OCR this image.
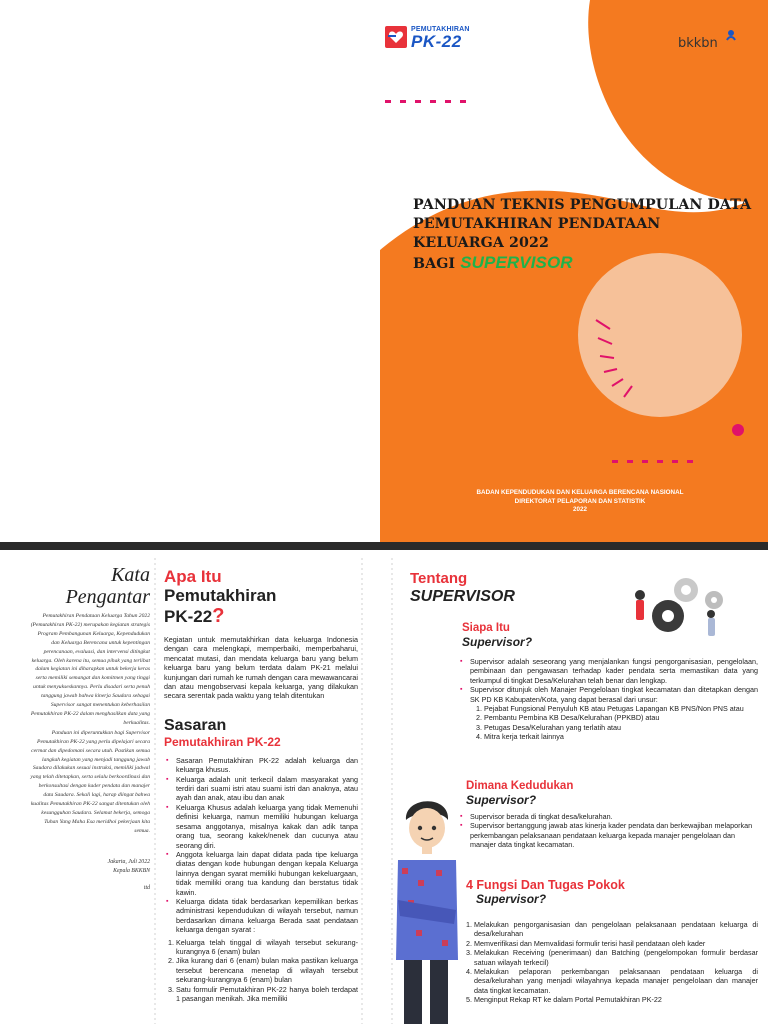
PEMUTAKHIRAN
PK-22	bkkbn
PANDUAN TEKNIS PENGUMPULAN DATA
PEMUTAKHIRAN PENDATAAN
KELUARGA 2022
BAGI SUPERVISOR
BADAN KEPENDUDUKAN DAN KELUARGA BERENCANA NASIONAL
DIREKTORAT PELAPORAN DAN STATISTIK
2022
Kata
Pengantar
Pemutakhiran Pendataan Keluarga Tahun 2022 (Pemutakhiran PK-22) merupakan kegiatan strategis Program Pembangunan Keluarga, Kependudukan dan Keluarga Berencana untuk kepentingan perencanaan, evaluasi, dan intervensi ditingkat keluarga. Oleh karena itu, semua pihak yang terlibat dalam kegiatan ini diharapkan untuk bekerja keras serta memiliki semangat dan komitmen yang tinggi untuk menyukseskannya. Perlu disadari serta penuh tanggung jawab bahwa kinerja Saudara sebagai Supervisor sangat menentukan keberhasilan Pemutakhiran PK-22 dalam menghasilkan data yang berkualitas.
Panduan ini diperuntukkan bagi Supervisor Pemutakhiran PK-22 yang perlu dipelajari secara cermat dan dipedomani secara utuh. Pastikan semua langkah kegiatan yang menjadi tanggung jawab Saudara dilakukan sesuai instruksi, memiliki jadwal yang telah ditetapkan, serta selalu berkoordinasi dan berkonsultasi dengan kader pendata dan manajer data Saudara. Sekali lagi, harap diingat bahwa kualitas Pemutakhiran PK-22 sangat ditentukan oleh kesungguhan Saudara. Selamat bekerja, semoga Tuhan Yang Maha Esa meridhoi pekerjaan kita semua.
Jakarta, Juli 2022
Kepala BKKBN
ttd
Apa Itu
Pemutakhiran
PK-22?
Kegiatan untuk memutakhirkan data keluarga Indonesia dengan cara melengkapi, memperbaiki, memperbaharui, mencatat mutasi, dan mendata keluarga baru yang belum keluarga baru yang belum terdata dalam PK-21 melalui kunjungan dari rumah ke rumah dengan cara mewawancarai dan atau mengobservasi kepala keluarga, yang dilakukan secara serentak pada waktu yang telah ditentukan
Sasaran
Pemutakhiran PK-22
▪ Sasaran Pemutakhiran PK-22 adalah keluarga dan keluarga khusus.
▪ Keluarga adalah unit terkecil dalam masyarakat yang terdiri dari suami istri atau suami istri dan anaknya, atau ayah dan anak, atau ibu dan anak
▪ Keluarga Khusus adalah keluarga yang tidak Memenuhi definisi keluarga, namun memiliki hubungan keluarga sesama anggotanya, misalnya kakak dan adik tanpa orang tua, seorang kakek/nenek dan cucunya atau seorang diri.
▪ Anggota keluarga lain dapat didata pada tipe keluarga diatas dengan kode hubungan dengan kepala Keluarga lainnya dengan syarat memiliki hubungan kekeluargaan, tidak memiliki orang tua kandung dan berstatus tidak kawin.
▪ Keluarga didata tidak berdasarkan kepemilikan berkas administrasi kependudukan di wilayah tersebut, namun berdasarkan dimana keluarga Berada saat pendataan keluarga dengan syarat :
1. Keluarga telah tinggal di wilayah tersebut sekurang-kurangnya 6 (enam) bulan
2. Jika kurang dari 6 (enam) bulan maka pastikan keluarga tersebut berencana menetap di wilayah tersebut sekurang-kurangnya 6 (enam) bulan
3. Satu formulir Pemutakhiran PK-22 hanya boleh terdapat 1 pasangan menikah. Jika memiliki
Tentang
SUPERVISOR
Siapa Itu
Supervisor?
▪ Supervisor adalah seseorang yang menjalankan fungsi pengorganisasian, pengelolaan, pembinaan dan pengawasan terhadap kader pendata serta memastikan data yang terkumpul di tingkat Desa/Kelurahan telah benar dan lengkap.
▪ Supervisor ditunjuk oleh Manajer Pengelolaan tingkat kecamatan dan ditetapkan dengan SK PD KB Kabupaten/Kota, yang dapat berasal dari unsur:
1. Pejabat Fungsional Penyuluh KB atau Petugas Lapangan KB PNS/Non PNS atau
2. Pembantu Pembina KB Desa/Kelurahan (PPKBD) atau
3. Petugas Desa/Kelurahan yang terlatih atau
4. Mitra kerja terkait lainnya
Dimana Kedudukan
Supervisor?
▪ Supervisor berada di tingkat desa/kelurahan.
▪ Supervisor bertanggung jawab atas kinerja kader pendata dan berkewajiban melaporkan perkembangan pelaksanaan pendataan keluarga kepada manajer pengelolaan dan manajer data tingkat kecamatan.
4 Fungsi Dan Tugas Pokok
Supervisor?
1. Melakukan pengorganisasian dan pengelolaan pelaksanaan pendataan keluarga di desa/kelurahan
2. Memverifikasi dan Memvalidasi formulir terisi hasil pendataan oleh kader
3. Melakukan Receiving (penerimaan) dan Batching (pengelompokan formulir berdasar satuan wilayah terkecil)
4. Melakukan pelaporan perkembangan pelaksanaan pendataan keluarga di desa/kelurahan yang menjadi wilayahnya kepada manajer pengelolaan dan manajer data tingkat kecamatan.
5. Menginput Rekap RT ke dalam Portal Pemutakhiran PK-22
